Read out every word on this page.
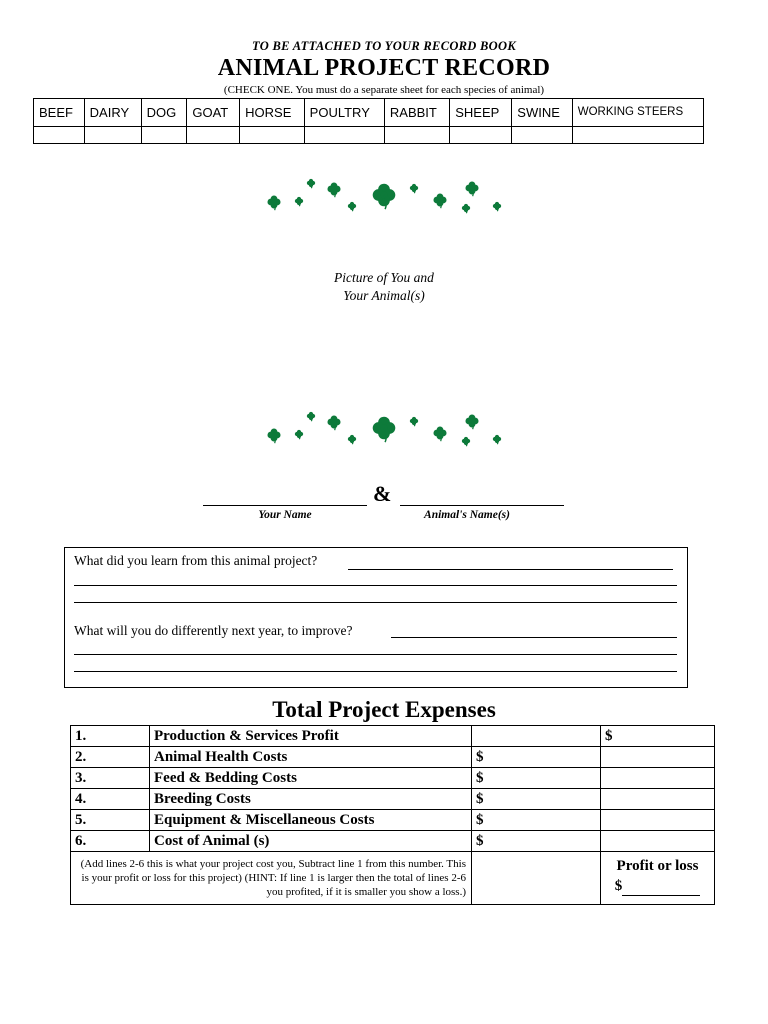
TO BE ATTACHED TO YOUR RECORD BOOK
ANIMAL PROJECT RECORD
(CHECK ONE. You must do a separate sheet for each species of animal)
BEEF	DAIRY	DOG	GOAT	HORSE	POULTRY	RABBIT	SHEEP	SWINE	WORKING STEERS

Picture of You and
Your Animal(s)
&
Your Name	Animal's Name(s)
What did you learn from this animal project?
What will you do differently next year, to improve?
Total Project Expenses
1.	Production & Services Profit		$
2.	Animal Health Costs	$	
3.	Feed & Bedding Costs	$	
4.	Breeding Costs	$	
5.	Equipment & Miscellaneous Costs	$	
6.	Cost of Animal (s)	$	
(Add lines 2-6 this is what your project cost you, Subtract line 1 from this number. This is your profit or loss for this project) (HINT: If line 1 is larger then the total of lines 2-6 you profited, if it is smaller you show a loss.)			Profit or loss
$
